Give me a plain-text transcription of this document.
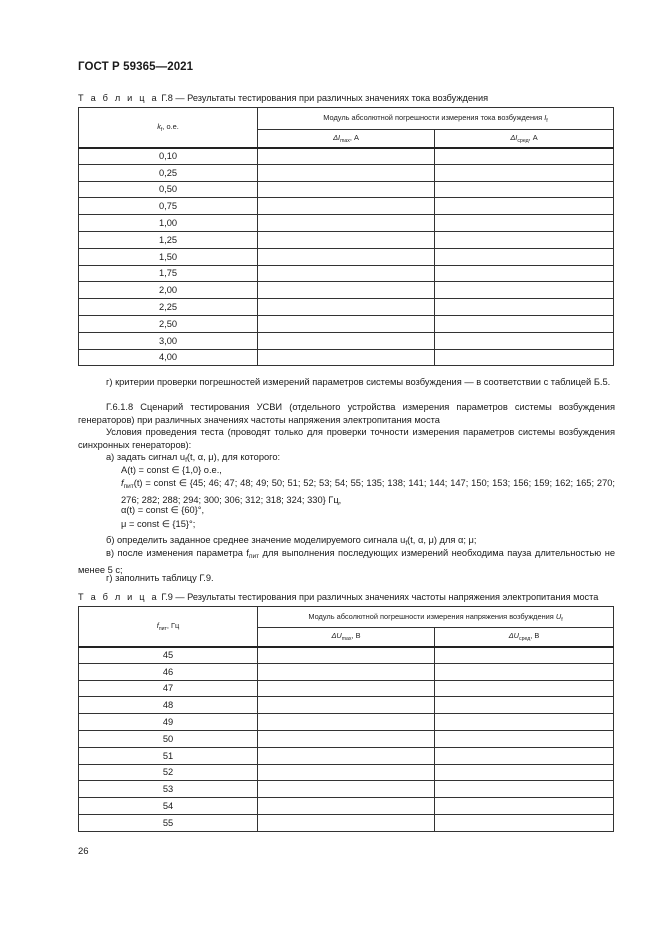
ГОСТ Р 59365—2021
Т а б л и ц а Г.8 — Результаты тестирования при различных значениях тока возбуждения
$k_f$, о.е.	Модуль абсолютной погрешности измерения тока возбуждения $I_f$
	$\Delta I_{max}$, А	$\Delta I_{сред}$, А
0,10		
0,25		
0,50		
0,75		
1,00		
1,25		
1,50		
1,75		
2,00		
2,25		
2,50		
3,00		
4,00		
г) критерии проверки погрешностей измерений параметров системы возбуждения — в соответствии с таблицей Б.5.
Г.6.1.8 Сценарий тестирования УСВИ (отдельного устройства измерения параметров системы возбуждения генераторов) при различных значениях частоты напряжения электропитания моста
Условия проведения теста (проводят только для проверки точности измерения параметров системы возбуждения синхронных генераторов):
а) задать сигнал $u_f(t$, α, μ), для которого:
A(t) = const ∈ {1,0} о.е.,
$f_{пит}(t)$ = const ∈ {45; 46; 47; 48; 49; 50; 51; 52; 53; 54; 55; 135; 138; 141; 144; 147; 150; 153; 156; 159; 162; 165; 270; 276; 282; 288; 294; 300; 306; 312; 318; 324; 330} Гц,
α(t) = const ∈ {60}°,
μ = const ∈ {15}°;
б) определить заданное среднее значение моделируемого сигнала $u_f(t$, α, μ) для α; μ;
в) после изменения параметра $f_{пит}$ для выполнения последующих измерений необходима пауза длительностью не менее 5 с;
г) заполнить таблицу Г.9.
Т а б л и ц а Г.9 — Результаты тестирования при различных значениях частоты напряжения электропитания моста
$f_{пит}$, Гц	Модуль абсолютной погрешности измерения напряжения возбуждения $U_f$
	$\Delta U_{max}$, В	$\Delta U_{сред}$, В
45		
46		
47		
48		
49		
50		
51		
52		
53		
54		
55		
26
